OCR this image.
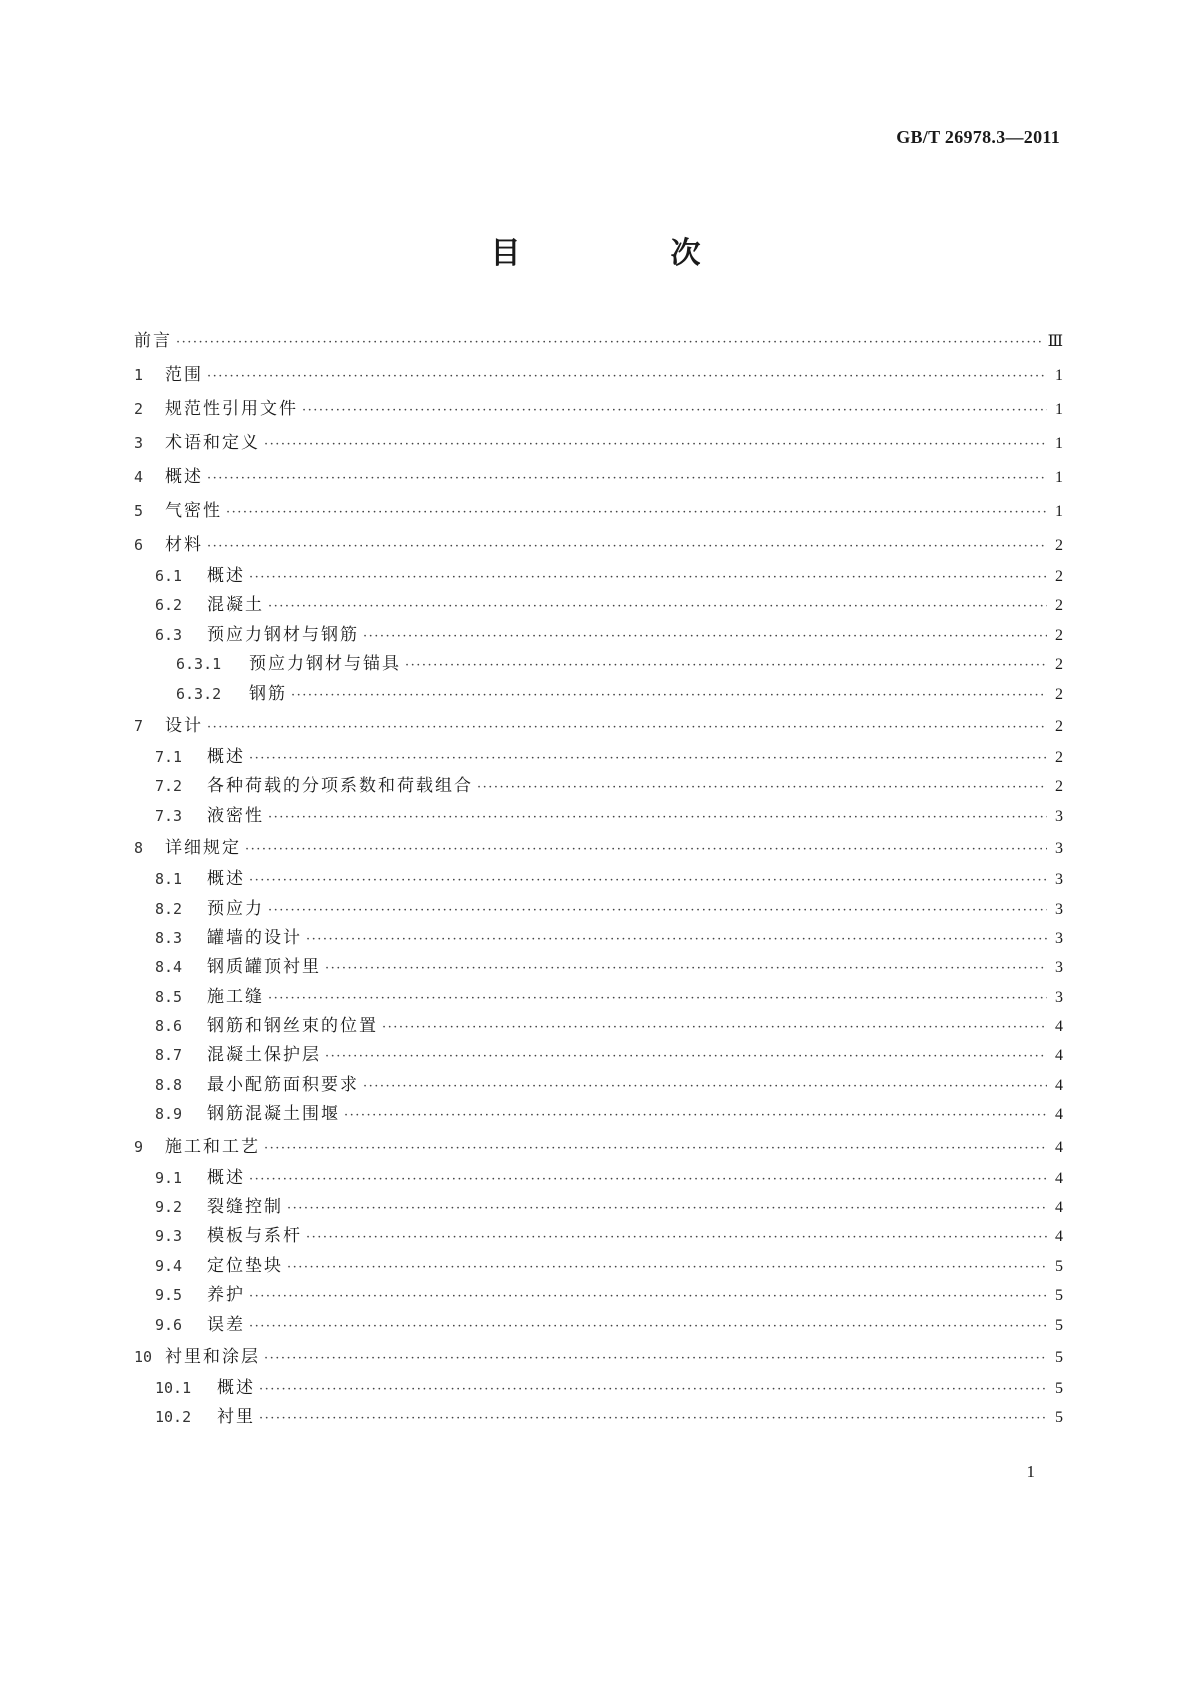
GB/T 26978.3—2011
目　次
前言 ·····	Ⅲ
1	范围 ·····	1
2	规范性引用文件 ·····	1
3	术语和定义 ·····	1
4	概述 ·····	1
5	气密性 ·····	1
6	材料 ·····	2
6.1	概述 ·····	2
6.2	混凝土 ·····	2
6.3	预应力钢材与钢筋 ·····	2
6.3.1	预应力钢材与锚具 ·····	2
6.3.2	钢筋 ·····	2
7	设计 ·····	2
7.1	概述 ·····	2
7.2	各种荷载的分项系数和荷载组合 ·····	2
7.3	液密性 ·····	3
8	详细规定 ·····	3
8.1	概述 ·····	3
8.2	预应力 ·····	3
8.3	罐墙的设计 ·····	3
8.4	钢质罐顶衬里 ·····	3
8.5	施工缝 ·····	3
8.6	钢筋和钢丝束的位置 ·····	4
8.7	混凝土保护层 ·····	4
8.8	最小配筋面积要求 ·····	4
8.9	钢筋混凝土围堰 ·····	4
9	施工和工艺 ·····	4
9.1	概述 ·····	4
9.2	裂缝控制 ·····	4
9.3	模板与系杆 ·····	4
9.4	定位垫块 ·····	5
9.5	养护 ·····	5
9.6	误差 ·····	5
10 衬里和涂层 ·····	5
10.1	概述 ·····	5
10.2	衬里 ·····	5
1
